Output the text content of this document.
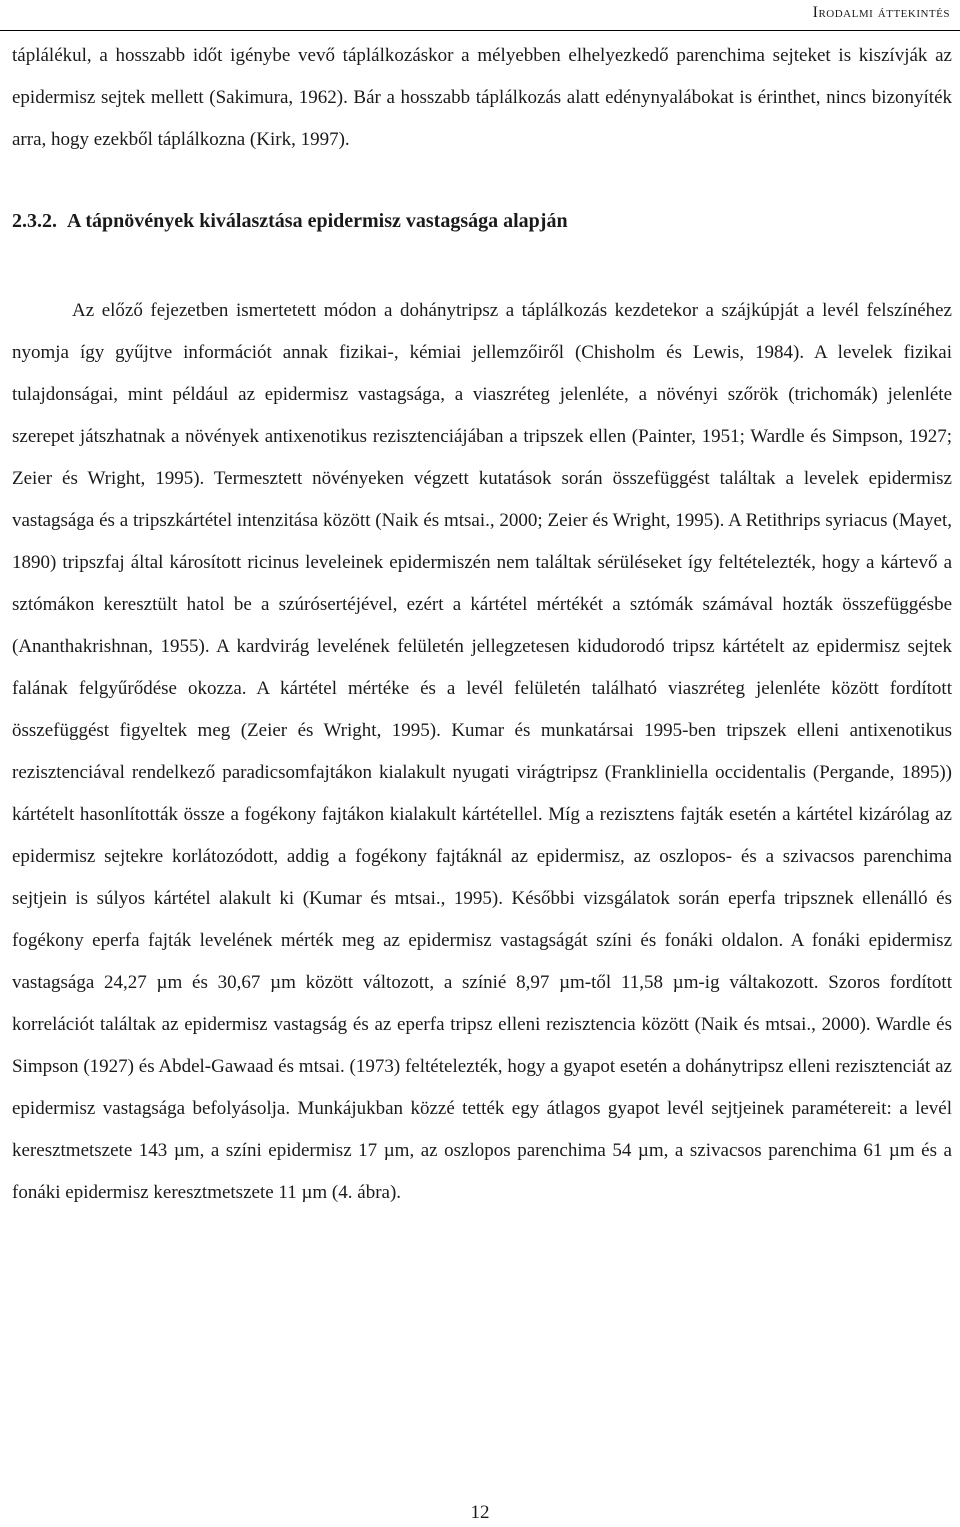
Irodalmi áttekintés

táplálékul, a hosszabb időt igénybe vevő táplálkozáskor a mélyebben elhelyezkedő parenchima sejteket is kiszívják az epidermisz sejtek mellett (Sakimura, 1962). Bár a hosszabb táplálkozás alatt edénynyalábokat is érinthet, nincs bizonyíték arra, hogy ezekből táplálkozna (Kirk, 1997).

2.3.2. A tápnövények kiválasztása epidermisz vastagsága alapján

Az előző fejezetben ismertetett módon a dohánytripsz a táplálkozás kezdetekor a szájkúpját a levél felszínéhez nyomja így gyűjtve információt annak fizikai-, kémiai jellemzőiről (Chisholm és Lewis, 1984). A levelek fizikai tulajdonságai, mint például az epidermisz vastagsága, a viaszréteg jelenléte, a növényi szőrök (trichomák) jelenléte szerepet játszhatnak a növények antixenotikus rezisztenciájában a tripszek ellen (Painter, 1951; Wardle és Simpson, 1927; Zeier és Wright, 1995). Termesztett növényeken végzett kutatások során összefüggést találtak a levelek epidermisz vastagsága és a tripszkártétel intenzitása között (Naik és mtsai., 2000; Zeier és Wright, 1995). A Retithrips syriacus (Mayet, 1890) tripszfaj által károsított ricinus leveleinek epidermiszén nem találtak sérüléseket így feltételezték, hogy a kártevő a sztómákon keresztült hatol be a szúrósertéjével, ezért a kártétel mértékét a sztómák számával hozták összefüggésbe (Ananthakrishnan, 1955). A kardvirág levelének felületén jellegzetesen kidudorodó tripsz kártételt az epidermisz sejtek falának felgyűrődése okozza. A kártétel mértéke és a levél felületén található viaszréteg jelenléte között fordított összefüggést figyeltek meg (Zeier és Wright, 1995). Kumar és munkatársai 1995-ben tripszek elleni antixenotikus rezisztenciával rendelkező paradicsomfajtákon kialakult nyugati virágtripsz (Frankliniella occidentalis (Pergande, 1895)) kártételt hasonlították össze a fogékony fajtákon kialakult kártétellel. Míg a rezisztens fajták esetén a kártétel kizárólag az epidermisz sejtekre korlátozódott, addig a fogékony fajtáknál az epidermisz, az oszlopos- és a szivacsos parenchima sejtjein is súlyos kártétel alakult ki (Kumar és mtsai., 1995). Későbbi vizsgálatok során eperfa tripsznek ellenálló és fogékony eperfa fajták levelének mérték meg az epidermisz vastagságát színi és fonáki oldalon. A fonáki epidermisz vastagsága 24,27 µm és 30,67 µm között változott, a színié 8,97 µm-től 11,58 µm-ig váltakozott. Szoros fordított korrelációt találtak az epidermisz vastagság és az eperfa tripsz elleni rezisztencia között (Naik és mtsai., 2000). Wardle és Simpson (1927) és Abdel-Gawaad és mtsai. (1973) feltételezték, hogy a gyapot esetén a dohánytripsz elleni rezisztenciát az epidermisz vastagsága befolyásolja. Munkájukban közzé tették egy átlagos gyapot levél sejtjeinek paramétereit: a levél keresztmetszete 143 µm, a színi epidermisz 17 µm, az oszlopos parenchima 54 µm, a szivacsos parenchima 61 µm és a fonáki epidermisz keresztmetszete 11 µm (4. ábra).

12
